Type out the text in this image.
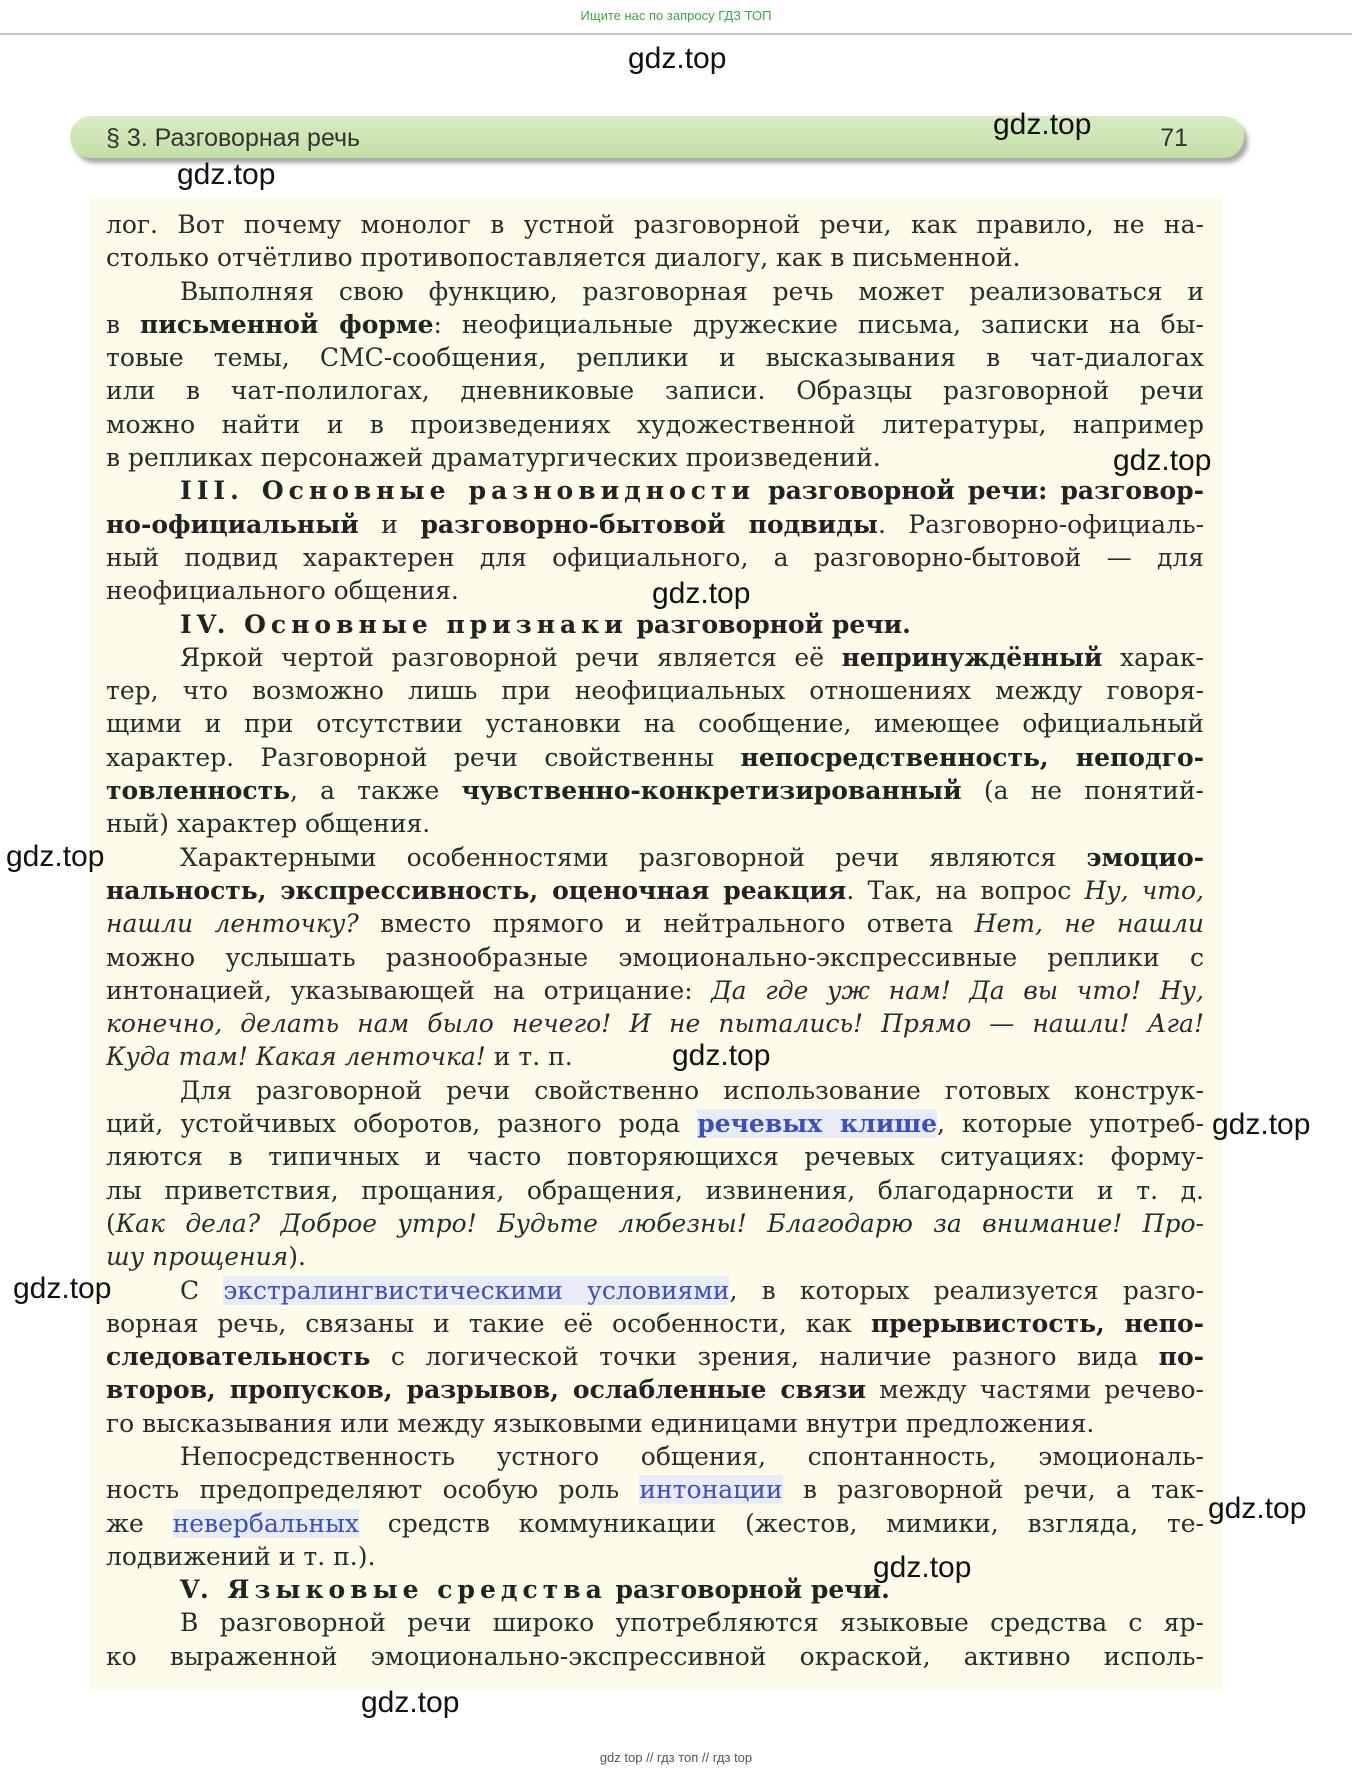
Ищите нас по запросу ГДЗ ТОП
gdz.top
§ 3. Разговорная речь	71
gdz.top
gdz.top
лог. Вот почему монолог в устной разговорной речи, как правило, не на-
столько отчётливо противопоставляется диалогу, как в письменной.
Выполняя свою функцию, разговорная речь может реализоваться и
в письменной форме: неофициальные дружеские письма, записки на бы-
товые темы, СМС-сообщения, реплики и высказывания в чат-диалогах
или в чат-полилогах, дневниковые записи. Образцы разговорной речи
можно найти и в произведениях художественной литературы, например
в репликах персонажей драматургических произведений.
III. Основные разновидности разговорной речи: разговор-
но-официальный и разговорно-бытовой подвиды. Разговорно-официаль-
ный подвид характерен для официального, а разговорно-бытовой — для
неофициального общения.
IV. Основные признаки разговорной речи.
Яркой чертой разговорной речи является её непринуждённый харак-
тер, что возможно лишь при неофициальных отношениях между говоря-
щими и при отсутствии установки на сообщение, имеющее официальный
характер. Разговорной речи свойственны непосредственность, неподго-
товленность, а также чувственно-конкретизированный (а не понятий-
ный) характер общения.
Характерными особенностями разговорной речи являются эмоцио-
нальность, экспрессивность, оценочная реакция. Так, на вопрос Ну, что,
нашли ленточку? вместо прямого и нейтрального ответа Нет, не нашли
можно услышать разнообразные эмоционально-экспрессивные реплики с
интонацией, указывающей на отрицание: Да где уж нам! Да вы что! Ну,
конечно, делать нам было нечего! И не пытались! Прямо — нашли! Ага!
Куда там! Какая ленточка! и т. п.
Для разговорной речи свойственно использование готовых конструк-
ций, устойчивых оборотов, разного рода речевых клише, которые употреб-
ляются в типичных и часто повторяющихся речевых ситуациях: форму-
лы приветствия, прощания, обращения, извинения, благодарности и т. д.
(Как дела? Доброе утро! Будьте любезны! Благодарю за внимание! Про-
шу прощения).
С экстралингвистическими условиями, в которых реализуется разго-
ворная речь, связаны и такие её особенности, как прерывистость, непо-
следовательность с логической точки зрения, наличие разного вида по-
второв, пропусков, разрывов, ослабленные связи между частями речево-
го высказывания или между языковыми единицами внутри предложения.
Непосредственность устного общения, спонтанность, эмоциональ-
ность предопределяют особую роль интонации в разговорной речи, а так-
же невербальных средств коммуникации (жестов, мимики, взгляда, те-
лодвижений и т. п.).
V. Языковые средства разговорной речи.
В разговорной речи широко употребляются языковые средства с яр-
ко выраженной эмоционально-экспрессивной окраской, активно исполь-
gdz.top
gdz.top
gdz.top
gdz.top
gdz.top
gdz.top
gdz.top
gdz.top
gdz.top
gdz top // гдз топ // гдз top
